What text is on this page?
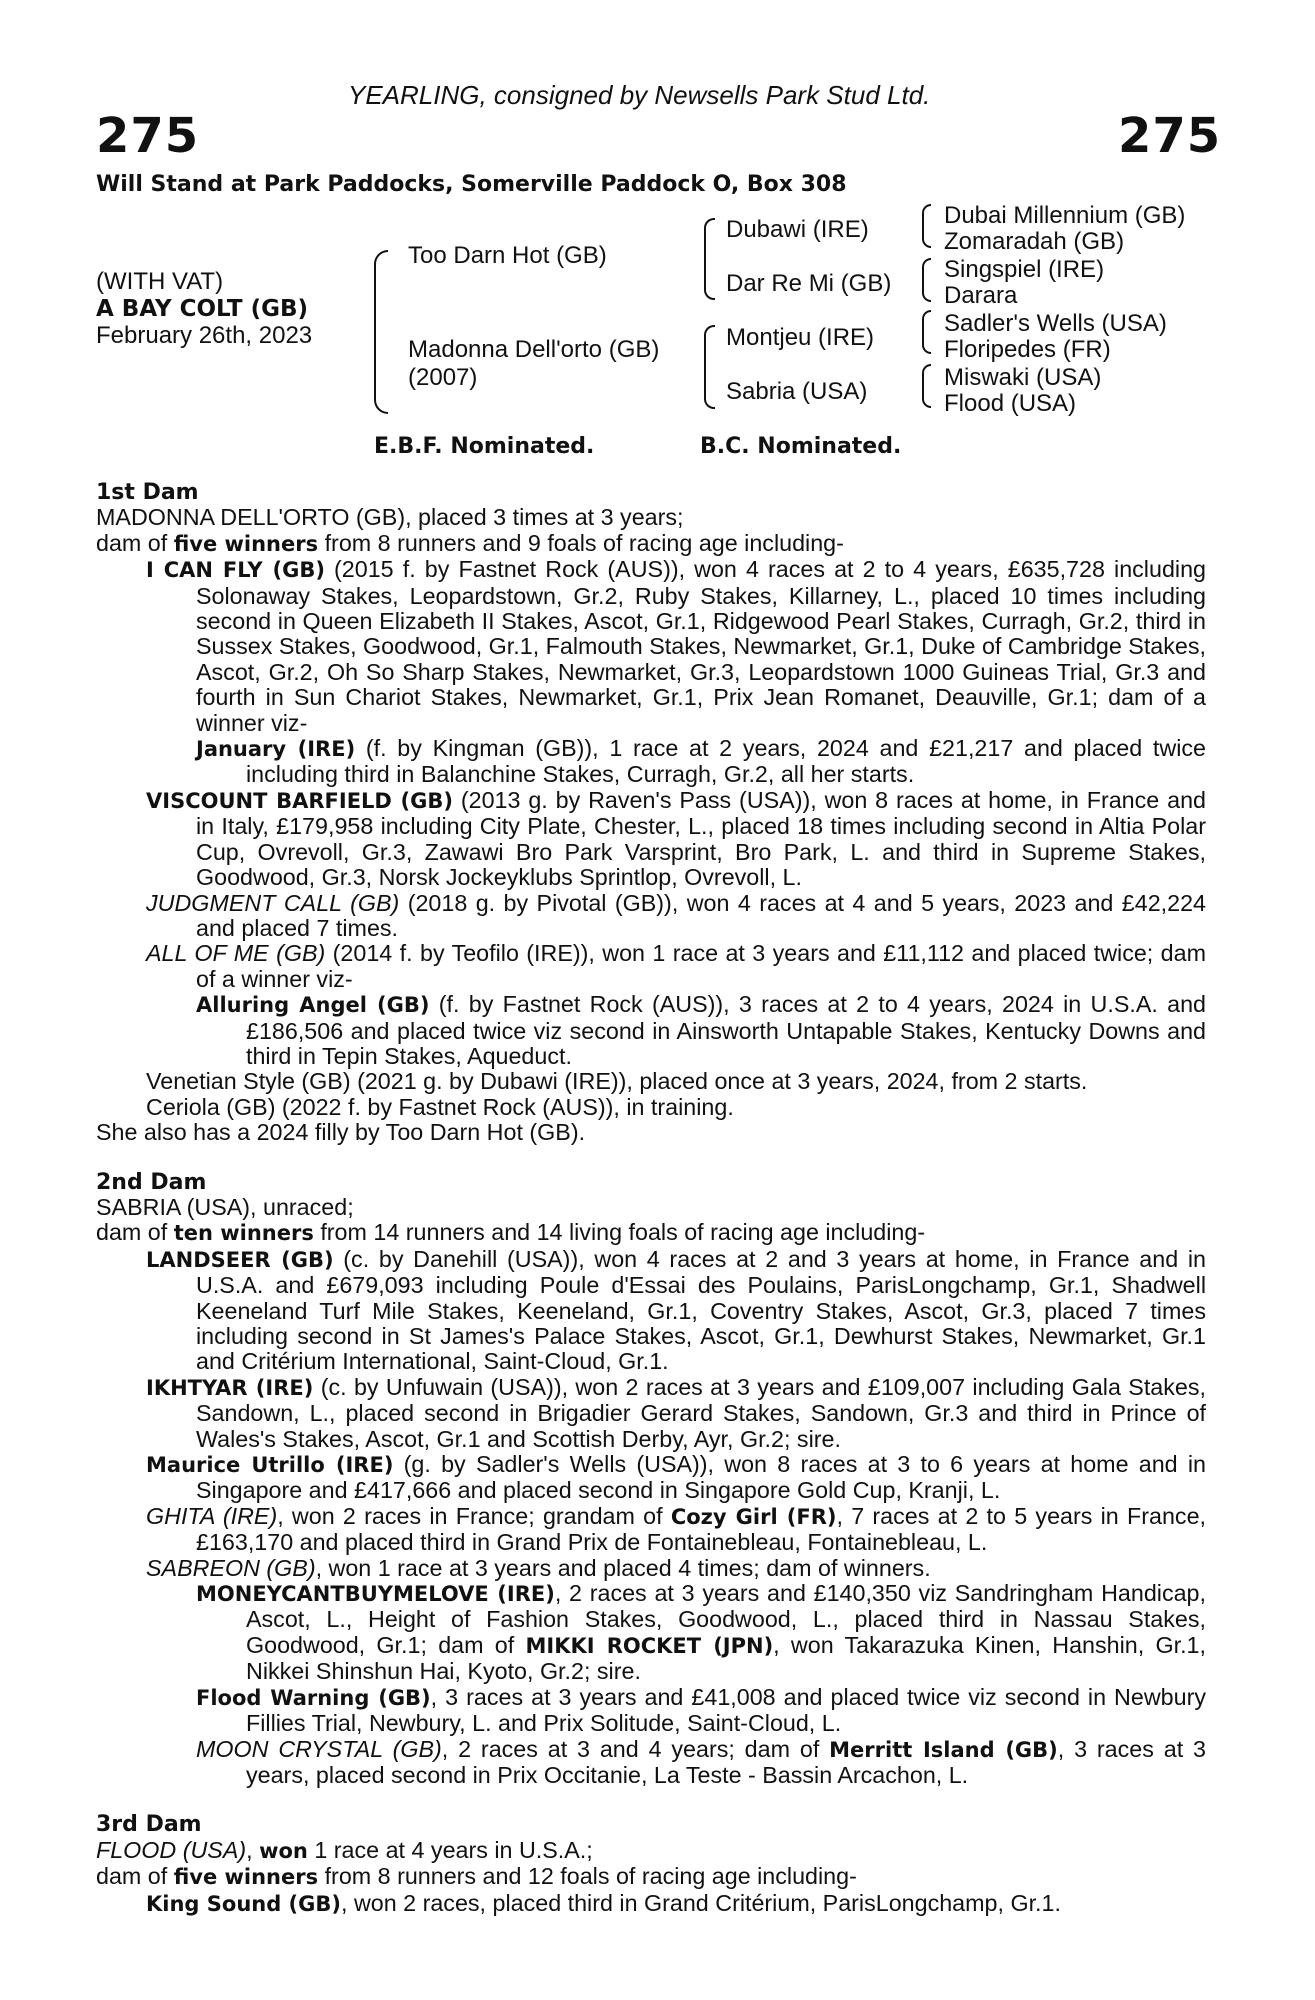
YEARLING, consigned by Newsells Park Stud Ltd.
275	275
Will Stand at Park Paddocks, Somerville Paddock O, Box 308
(WITH VAT)
A BAY COLT (GB)
February 26th, 2023
Too Darn Hot (GB)
Madonna Dell'orto (GB)
(2007)
Dubawi (IRE)
Dar Re Mi (GB)
Montjeu (IRE)
Sabria (USA)
Dubai Millennium (GB)
Zomaradah (GB)
Singspiel (IRE)
Darara
Sadler's Wells (USA)
Floripedes (FR)
Miswaki (USA)
Flood (USA)
E.B.F. Nominated.	B.C. Nominated.
1st Dam
MADONNA DELL'ORTO (GB), placed 3 times at 3 years;
dam of five winners from 8 runners and 9 foals of racing age including-
I CAN FLY (GB) (2015 f. by Fastnet Rock (AUS)), won 4 races at 2 to 4 years, £635,728 including Solonaway Stakes, Leopardstown, Gr.2, Ruby Stakes, Killarney, L., placed 10 times including second in Queen Elizabeth II Stakes, Ascot, Gr.1, Ridgewood Pearl Stakes, Curragh, Gr.2, third in Sussex Stakes, Goodwood, Gr.1, Falmouth Stakes, Newmarket, Gr.1, Duke of Cambridge Stakes, Ascot, Gr.2, Oh So Sharp Stakes, Newmarket, Gr.3, Leopardstown 1000 Guineas Trial, Gr.3 and fourth in Sun Chariot Stakes, Newmarket, Gr.1, Prix Jean Romanet, Deauville, Gr.1; dam of a winner viz-
January (IRE) (f. by Kingman (GB)), 1 race at 2 years, 2024 and £21,217 and placed twice including third in Balanchine Stakes, Curragh, Gr.2, all her starts.
VISCOUNT BARFIELD (GB) (2013 g. by Raven's Pass (USA)), won 8 races at home, in France and in Italy, £179,958 including City Plate, Chester, L., placed 18 times including second in Altia Polar Cup, Ovrevoll, Gr.3, Zawawi Bro Park Varsprint, Bro Park, L. and third in Supreme Stakes, Goodwood, Gr.3, Norsk Jockeyklubs Sprintlop, Ovrevoll, L.
JUDGMENT CALL (GB) (2018 g. by Pivotal (GB)), won 4 races at 4 and 5 years, 2023 and £42,224 and placed 7 times.
ALL OF ME (GB) (2014 f. by Teofilo (IRE)), won 1 race at 3 years and £11,112 and placed twice; dam of a winner viz-
Alluring Angel (GB) (f. by Fastnet Rock (AUS)), 3 races at 2 to 4 years, 2024 in U.S.A. and £186,506 and placed twice viz second in Ainsworth Untapable Stakes, Kentucky Downs and third in Tepin Stakes, Aqueduct.
Venetian Style (GB) (2021 g. by Dubawi (IRE)), placed once at 3 years, 2024, from 2 starts.
Ceriola (GB) (2022 f. by Fastnet Rock (AUS)), in training.
She also has a 2024 filly by Too Darn Hot (GB).
2nd Dam
SABRIA (USA), unraced;
dam of ten winners from 14 runners and 14 living foals of racing age including-
LANDSEER (GB) (c. by Danehill (USA)), won 4 races at 2 and 3 years at home, in France and in U.S.A. and £679,093 including Poule d'Essai des Poulains, ParisLongchamp, Gr.1, Shadwell Keeneland Turf Mile Stakes, Keeneland, Gr.1, Coventry Stakes, Ascot, Gr.3, placed 7 times including second in St James's Palace Stakes, Ascot, Gr.1, Dewhurst Stakes, Newmarket, Gr.1 and Critérium International, Saint-Cloud, Gr.1.
IKHTYAR (IRE) (c. by Unfuwain (USA)), won 2 races at 3 years and £109,007 including Gala Stakes, Sandown, L., placed second in Brigadier Gerard Stakes, Sandown, Gr.3 and third in Prince of Wales's Stakes, Ascot, Gr.1 and Scottish Derby, Ayr, Gr.2; sire.
Maurice Utrillo (IRE) (g. by Sadler's Wells (USA)), won 8 races at 3 to 6 years at home and in Singapore and £417,666 and placed second in Singapore Gold Cup, Kranji, L.
GHITA (IRE), won 2 races in France; grandam of Cozy Girl (FR), 7 races at 2 to 5 years in France, £163,170 and placed third in Grand Prix de Fontainebleau, Fontainebleau, L.
SABREON (GB), won 1 race at 3 years and placed 4 times; dam of winners.
MONEYCANTBUYMELOVE (IRE), 2 races at 3 years and £140,350 viz Sandringham Handicap, Ascot, L., Height of Fashion Stakes, Goodwood, L., placed third in Nassau Stakes, Goodwood, Gr.1; dam of MIKKI ROCKET (JPN), won Takarazuka Kinen, Hanshin, Gr.1, Nikkei Shinshun Hai, Kyoto, Gr.2; sire.
Flood Warning (GB), 3 races at 3 years and £41,008 and placed twice viz second in Newbury Fillies Trial, Newbury, L. and Prix Solitude, Saint-Cloud, L.
MOON CRYSTAL (GB), 2 races at 3 and 4 years; dam of Merritt Island (GB), 3 races at 3 years, placed second in Prix Occitanie, La Teste - Bassin Arcachon, L.
3rd Dam
FLOOD (USA), won 1 race at 4 years in U.S.A.;
dam of five winners from 8 runners and 12 foals of racing age including-
King Sound (GB), won 2 races, placed third in Grand Critérium, ParisLongchamp, Gr.1.
